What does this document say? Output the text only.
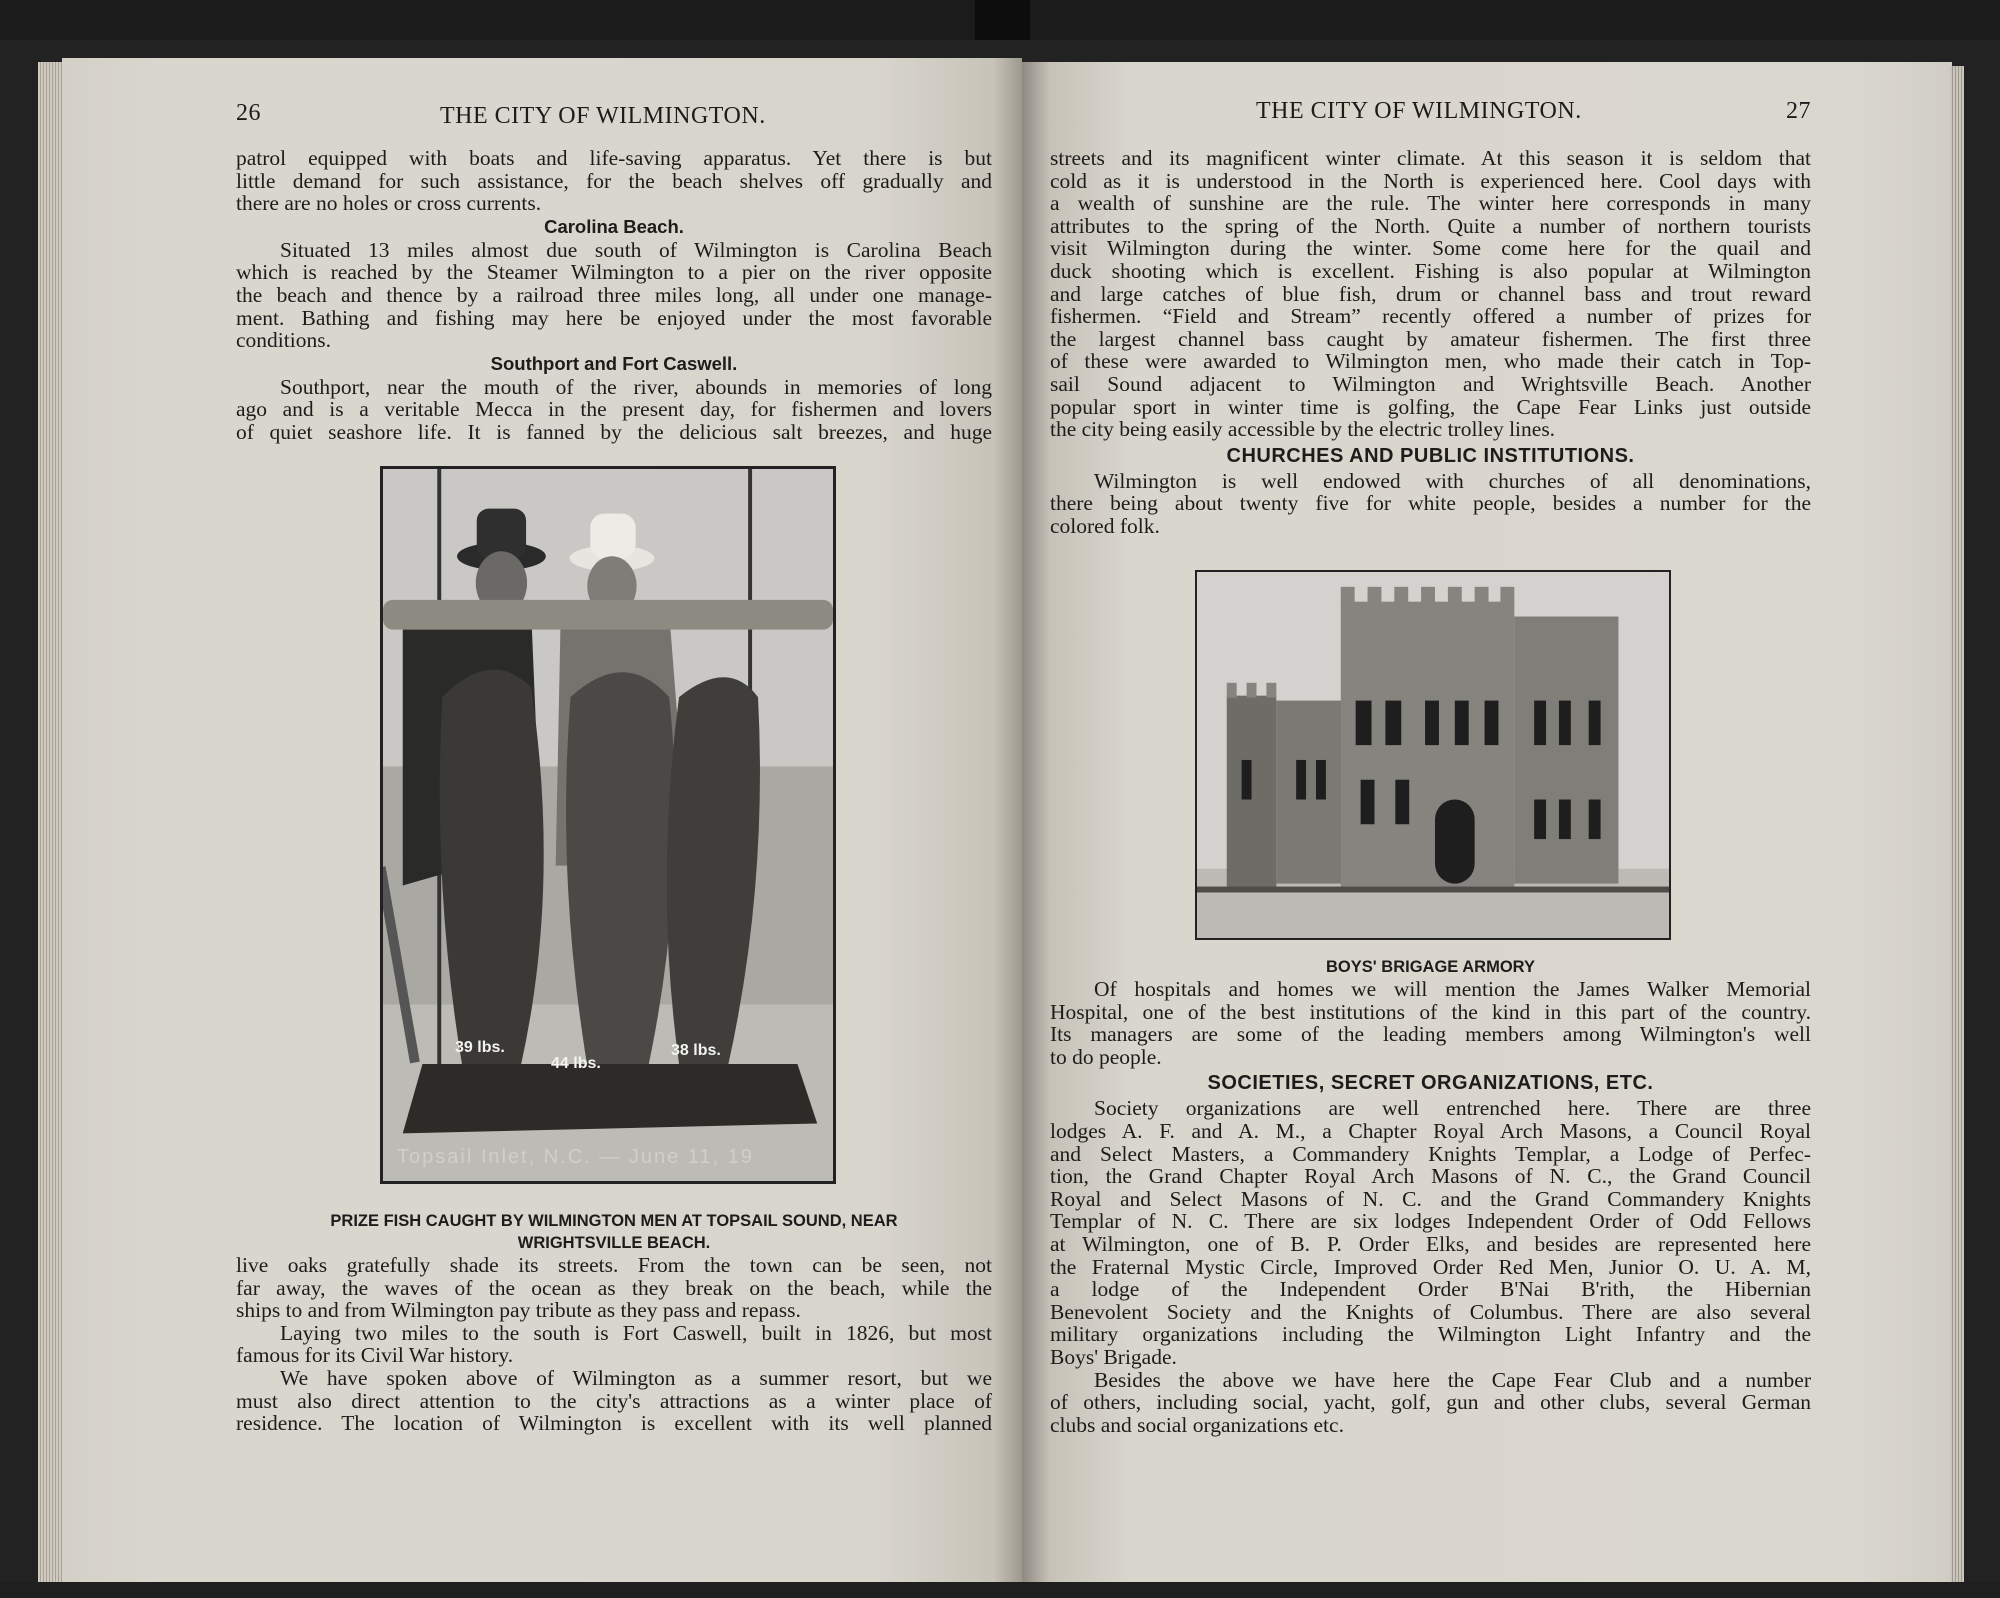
26	THE CITY OF WILMINGTON.
patrol equipped with boats and life-saving apparatus. Yet there is but
little demand for such assistance, for the beach shelves off gradually and
there are no holes or cross currents.
Carolina Beach.
Situated 13 miles almost due south of Wilmington is Carolina Beach
which is reached by the Steamer Wilmington to a pier on the river opposite
the beach and thence by a railroad three miles long, all under one manage-
ment. Bathing and fishing may here be enjoyed under the most favorable
conditions.
Southport and Fort Caswell.
Southport, near the mouth of the river, abounds in memories of long
ago and is a veritable Mecca in the present day, for fishermen and lovers
of quiet seashore life. It is fanned by the delicious salt breezes, and huge
39 lbs.
44 lbs.
38 lbs.
Topsail Inlet, N.C. — June 11, 19
PRIZE FISH CAUGHT BY WILMINGTON MEN AT TOPSAIL SOUND, NEAR
WRIGHTSVILLE BEACH.
live oaks gratefully shade its streets. From the town can be seen, not
far away, the waves of the ocean as they break on the beach, while the
ships to and from Wilmington pay tribute as they pass and repass.
Laying two miles to the south is Fort Caswell, built in 1826, but most
famous for its Civil War history.
We have spoken above of Wilmington as a summer resort, but we
must also direct attention to the city's attractions as a winter place of
residence. The location of Wilmington is excellent with its well planned
THE CITY OF WILMINGTON.	27
streets and its magnificent winter climate. At this season it is seldom that
cold as it is understood in the North is experienced here. Cool days with
a wealth of sunshine are the rule. The winter here corresponds in many
attributes to the spring of the North. Quite a number of northern tourists
visit Wilmington during the winter. Some come here for the quail and
duck shooting which is excellent. Fishing is also popular at Wilmington
and large catches of blue fish, drum or channel bass and trout reward
fishermen. “Field and Stream” recently offered a number of prizes for
the largest channel bass caught by amateur fishermen. The first three
of these were awarded to Wilmington men, who made their catch in Top-
sail Sound adjacent to Wilmington and Wrightsville Beach. Another
popular sport in winter time is golfing, the Cape Fear Links just outside
the city being easily accessible by the electric trolley lines.
CHURCHES AND PUBLIC INSTITUTIONS.
Wilmington is well endowed with churches of all denominations,
there being about twenty five for white people, besides a number for the
colored folk.
BOYS' BRIGAGE ARMORY
Of hospitals and homes we will mention the James Walker Memorial
Hospital, one of the best institutions of the kind in this part of the country.
Its managers are some of the leading members among Wilmington's well
to do people.
SOCIETIES, SECRET ORGANIZATIONS, ETC.
Society organizations are well entrenched here. There are three
lodges A. F. and A. M., a Chapter Royal Arch Masons, a Council Royal
and Select Masters, a Commandery Knights Templar, a Lodge of Perfec-
tion, the Grand Chapter Royal Arch Masons of N. C., the Grand Council
Royal and Select Masons of N. C. and the Grand Commandery Knights
Templar of N. C. There are six lodges Independent Order of Odd Fellows
at Wilmington, one of B. P. Order Elks, and besides are represented here
the Fraternal Mystic Circle, Improved Order Red Men, Junior O. U. A. M,
a lodge of the Independent Order B'Nai B'rith, the Hibernian
Benevolent Society and the Knights of Columbus. There are also several
military organizations including the Wilmington Light Infantry and the
Boys' Brigade.
Besides the above we have here the Cape Fear Club and a number
of others, including social, yacht, golf, gun and other clubs, several German
clubs and social organizations etc.
